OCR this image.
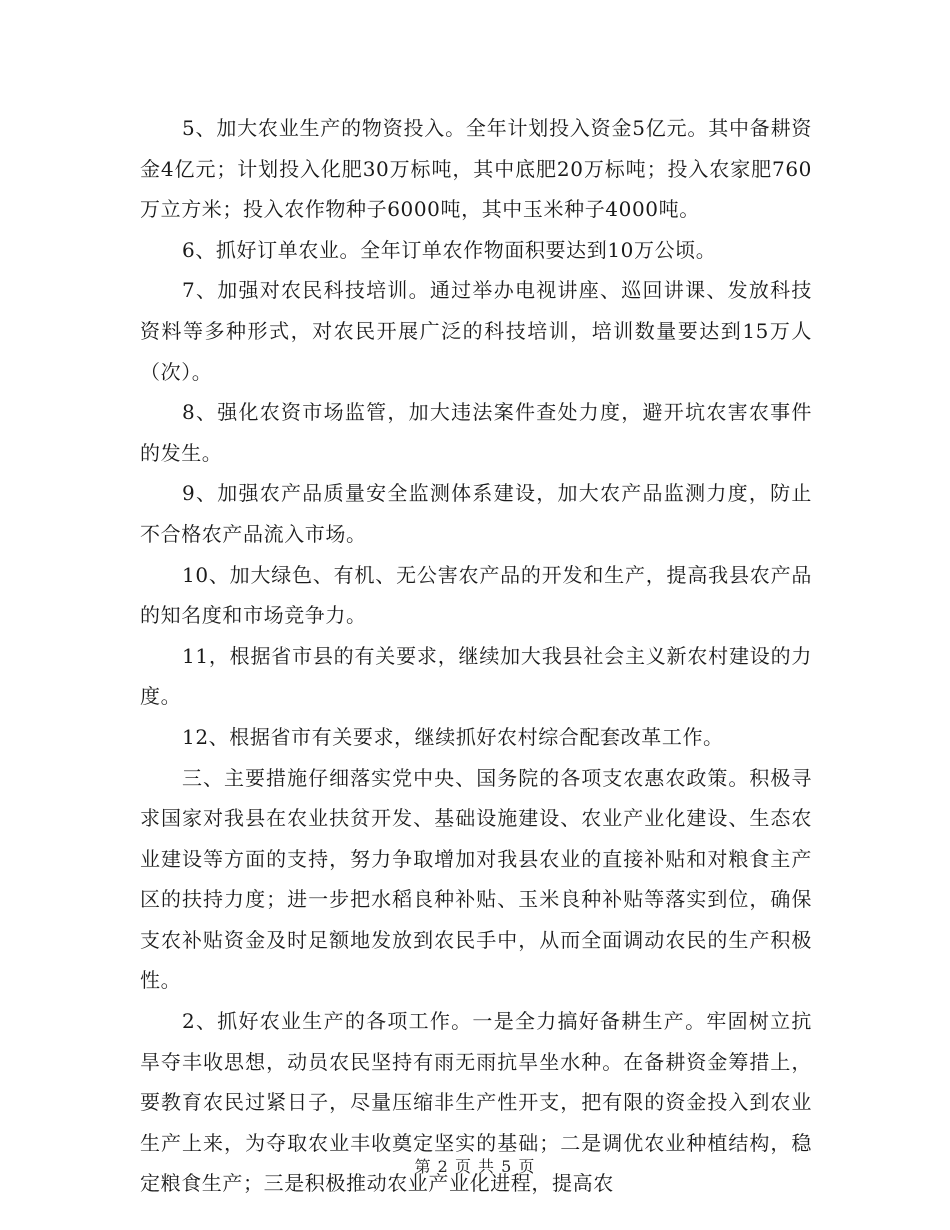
5、加大农业生产的物资投入。全年计划投入资金5亿元。其中备耕资金4亿元；计划投入化肥30万标吨，其中底肥20万标吨；投入农家肥760万立方米；投入农作物种子6000吨，其中玉米种子4000吨。

6、抓好订单农业。全年订单农作物面积要达到10万公顷。

7、加强对农民科技培训。通过举办电视讲座、巡回讲课、发放科技资料等多种形式，对农民开展广泛的科技培训，培训数量要达到15万人（次）。

8、强化农资市场监管，加大违法案件查处力度，避开坑农害农事件的发生。

9、加强农产品质量安全监测体系建设，加大农产品监测力度，防止不合格农产品流入市场。

10、加大绿色、有机、无公害农产品的开发和生产，提高我县农产品的知名度和市场竞争力。

11，根据省市县的有关要求，继续加大我县社会主义新农村建设的力度。

12、根据省市有关要求，继续抓好农村综合配套改革工作。

三、主要措施仔细落实党中央、国务院的各项支农惠农政策。积极寻求国家对我县在农业扶贫开发、基础设施建设、农业产业化建设、生态农业建设等方面的支持，努力争取增加对我县农业的直接补贴和对粮食主产区的扶持力度；进一步把水稻良种补贴、玉米良种补贴等落实到位，确保支农补贴资金及时足额地发放到农民手中，从而全面调动农民的生产积极性。

2、抓好农业生产的各项工作。一是全力搞好备耕生产。牢固树立抗旱夺丰收思想，动员农民坚持有雨无雨抗旱坐水种。在备耕资金筹措上，要教育农民过紧日子，尽量压缩非生产性开支，把有限的资金投入到农业生产上来，为夺取农业丰收奠定坚实的基础；二是调优农业种植结构，稳定粮食生产；三是积极推动农业产业化进程，提高农

第 2 页 共 5 页
